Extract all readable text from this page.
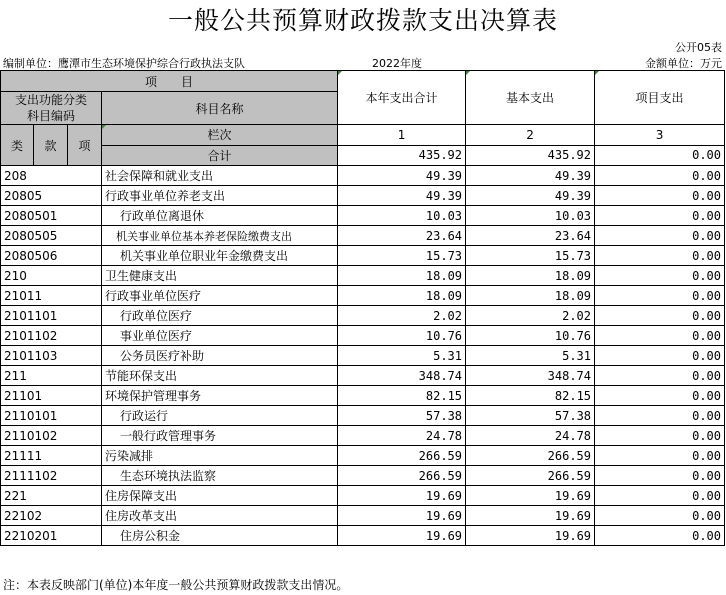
一般公共预算财政拨款支出决算表
公开05表
编制单位：鹰潭市生态环境保护综合行政执法支队	2022年度	金额单位：万元
项　　目				本年支出合计	基本支出	项目支出
支出功能分类
科目编码			科目名称			
类	款	项	栏次	1	2	3
			合计	435.92	435.92	0.00
208			社会保障和就业支出	49.39	49.39	0.00
20805			行政事业单位养老支出	49.39	49.39	0.00
2080501			行政单位离退休	10.03	10.03	0.00
2080505			机关事业单位基本养老保险缴费支出	23.64	23.64	0.00
2080506			机关事业单位职业年金缴费支出	15.73	15.73	0.00
210			卫生健康支出	18.09	18.09	0.00
21011			行政事业单位医疗	18.09	18.09	0.00
2101101			行政单位医疗	2.02	2.02	0.00
2101102			事业单位医疗	10.76	10.76	0.00
2101103			公务员医疗补助	5.31	5.31	0.00
211			节能环保支出	348.74	348.74	0.00
21101			环境保护管理事务	82.15	82.15	0.00
2110101			行政运行	57.38	57.38	0.00
2110102			一般行政管理事务	24.78	24.78	0.00
21111			污染减排	266.59	266.59	0.00
2111102			生态环境执法监察	266.59	266.59	0.00
221			住房保障支出	19.69	19.69	0.00
22102			住房改革支出	19.69	19.69	0.00
2210201			住房公积金	19.69	19.69	0.00
注：本表反映部门(单位)本年度一般公共预算财政拨款支出情况。
